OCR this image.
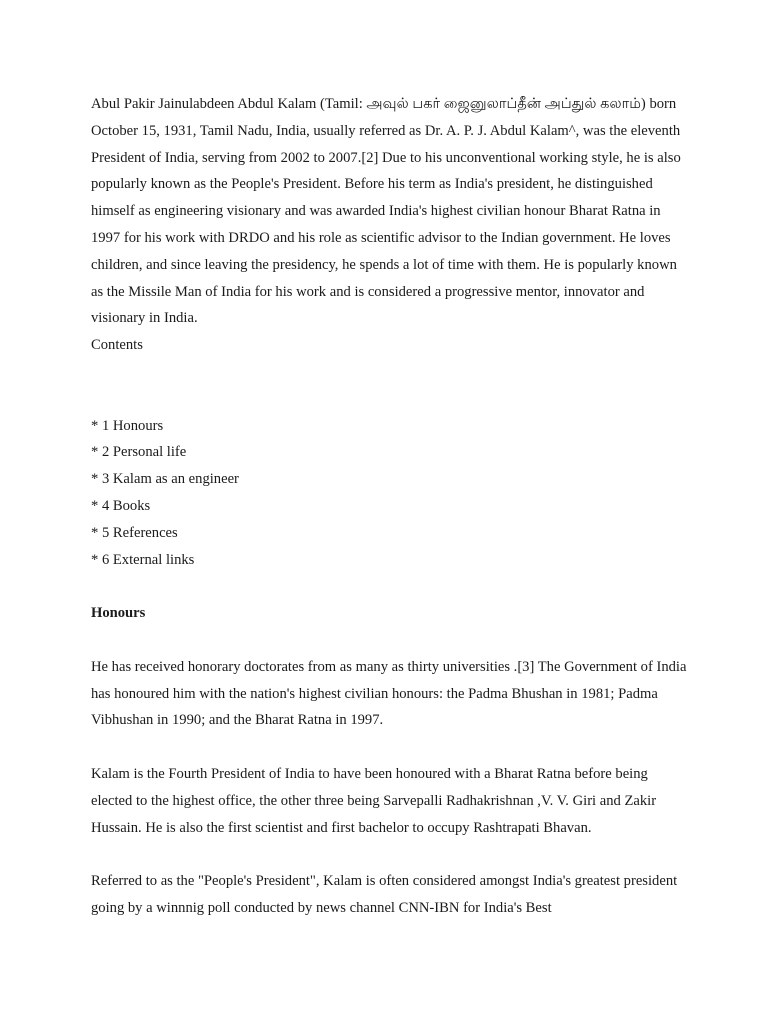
Abul Pakir Jainulabdeen Abdul Kalam (Tamil: அவுல் பகர் ஜைனுலாப்தீன் அப்துல் கலாம்) born October 15, 1931, Tamil Nadu, India, usually referred as Dr. A. P. J. Abdul Kalam^, was the eleventh President of India, serving from 2002 to 2007.[2] Due to his unconventional working style, he is also popularly known as the People's President. Before his term as India's president, he distinguished himself as engineering visionary and was awarded India's highest civilian honour Bharat Ratna in 1997 for his work with DRDO and his role as scientific advisor to the Indian government. He loves children, and since leaving the presidency, he spends a lot of time with them. He is popularly known as the Missile Man of India for his work and is considered a progressive mentor, innovator and visionary in India.

Contents

* 1 Honours
* 2 Personal life
* 3 Kalam as an engineer
* 4 Books
* 5 References
* 6 External links

Honours

He has received honorary doctorates from as many as thirty universities .[3] The Government of India has honoured him with the nation's highest civilian honours: the Padma Bhushan in 1981; Padma Vibhushan in 1990; and the Bharat Ratna in 1997.

Kalam is the Fourth President of India to have been honoured with a Bharat Ratna before being elected to the highest office, the other three being Sarvepalli Radhakrishnan ,V. V. Giri and Zakir Hussain. He is also the first scientist and first bachelor to occupy Rashtrapati Bhavan.

Referred to as the "People's President", Kalam is often considered amongst India's greatest president going by a winnnig poll conducted by news channel CNN-IBN for India's Best
